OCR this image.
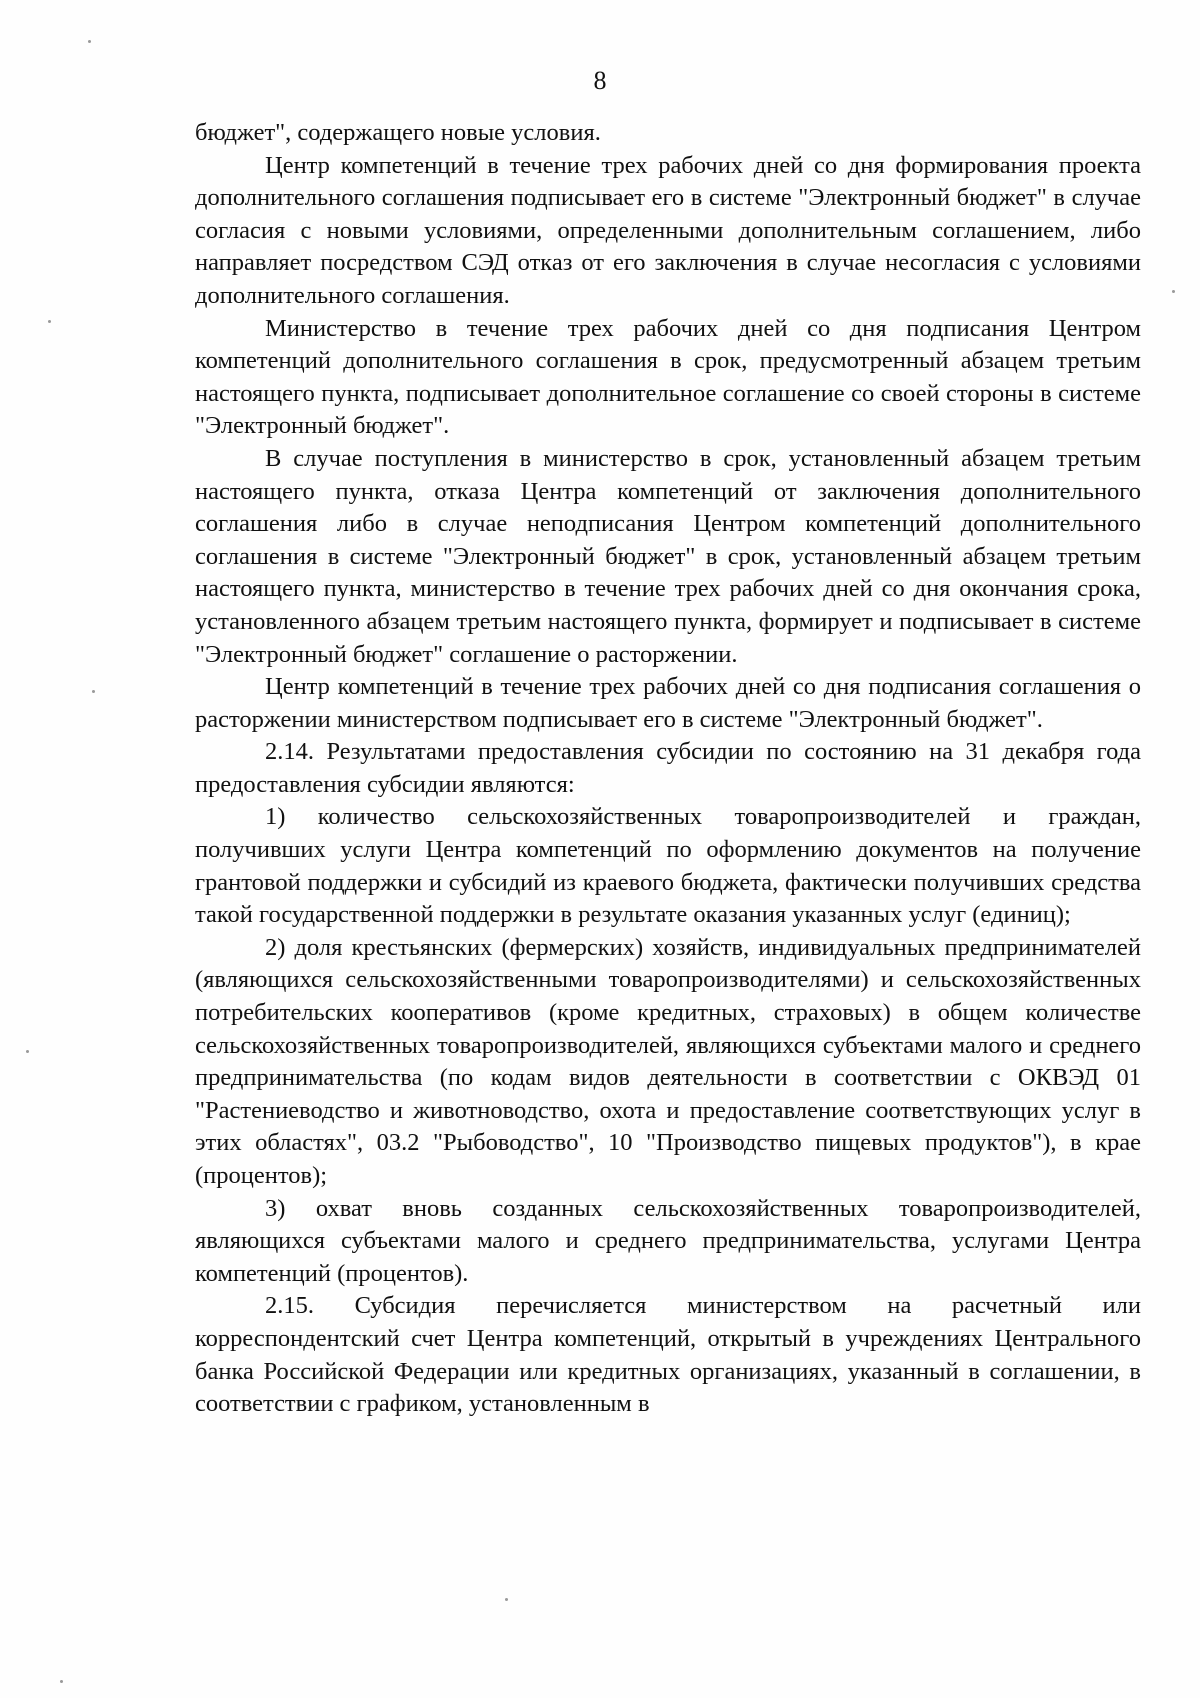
8

бюджет", содержащего новые условия.

Центр компетенций в течение трех рабочих дней со дня формирования проекта дополнительного соглашения подписывает его в системе "Электронный бюджет" в случае согласия с новыми условиями, определенными дополнительным соглашением, либо направляет посредством СЭД отказ от его заключения в случае несогласия с условиями дополнительного соглашения.

Министерство в течение трех рабочих дней со дня подписания Центром компетенций дополнительного соглашения в срок, предусмотренный абзацем третьим настоящего пункта, подписывает дополнительное соглашение со своей стороны в системе "Электронный бюджет".

В случае поступления в министерство в срок, установленный абзацем третьим настоящего пункта, отказа Центра компетенций от заключения дополнительного соглашения либо в случае неподписания Центром компетенций дополнительного соглашения в системе "Электронный бюджет" в срок, установленный абзацем третьим настоящего пункта, министерство в течение трех рабочих дней со дня окончания срока, установленного абзацем третьим настоящего пункта, формирует и подписывает в системе "Электронный бюджет" соглашение о расторжении.

Центр компетенций в течение трех рабочих дней со дня подписания соглашения о расторжении министерством подписывает его в системе "Электронный бюджет".

2.14. Результатами предоставления субсидии по состоянию на 31 декабря года предоставления субсидии являются:

1) количество сельскохозяйственных товаропроизводителей и граждан, получивших услуги Центра компетенций по оформлению документов на получение грантовой поддержки и субсидий из краевого бюджета, фактически получивших средства такой государственной поддержки в результате оказания указанных услуг (единиц);

2) доля крестьянских (фермерских) хозяйств, индивидуальных предпринимателей (являющихся сельскохозяйственными товаропроизводителями) и сельскохозяйственных потребительских кооперативов (кроме кредитных, страховых) в общем количестве сельскохозяйственных товаропроизводителей, являющихся субъектами малого и среднего предпринимательства (по кодам видов деятельности в соответствии с ОКВЭД 01 "Растениеводство и животноводство, охота и предоставление соответствующих услуг в этих областях", 03.2 "Рыбоводство", 10 "Производство пищевых продуктов"), в крае (процентов);

3) охват вновь созданных сельскохозяйственных товаропроизводителей, являющихся субъектами малого и среднего предпринимательства, услугами Центра компетенций (процентов).

2.15. Субсидия перечисляется министерством на расчетный или корреспондентский счет Центра компетенций, открытый в учреждениях Центрального банка Российской Федерации или кредитных организациях, указанный в соглашении, в соответствии с графиком, установленным в
